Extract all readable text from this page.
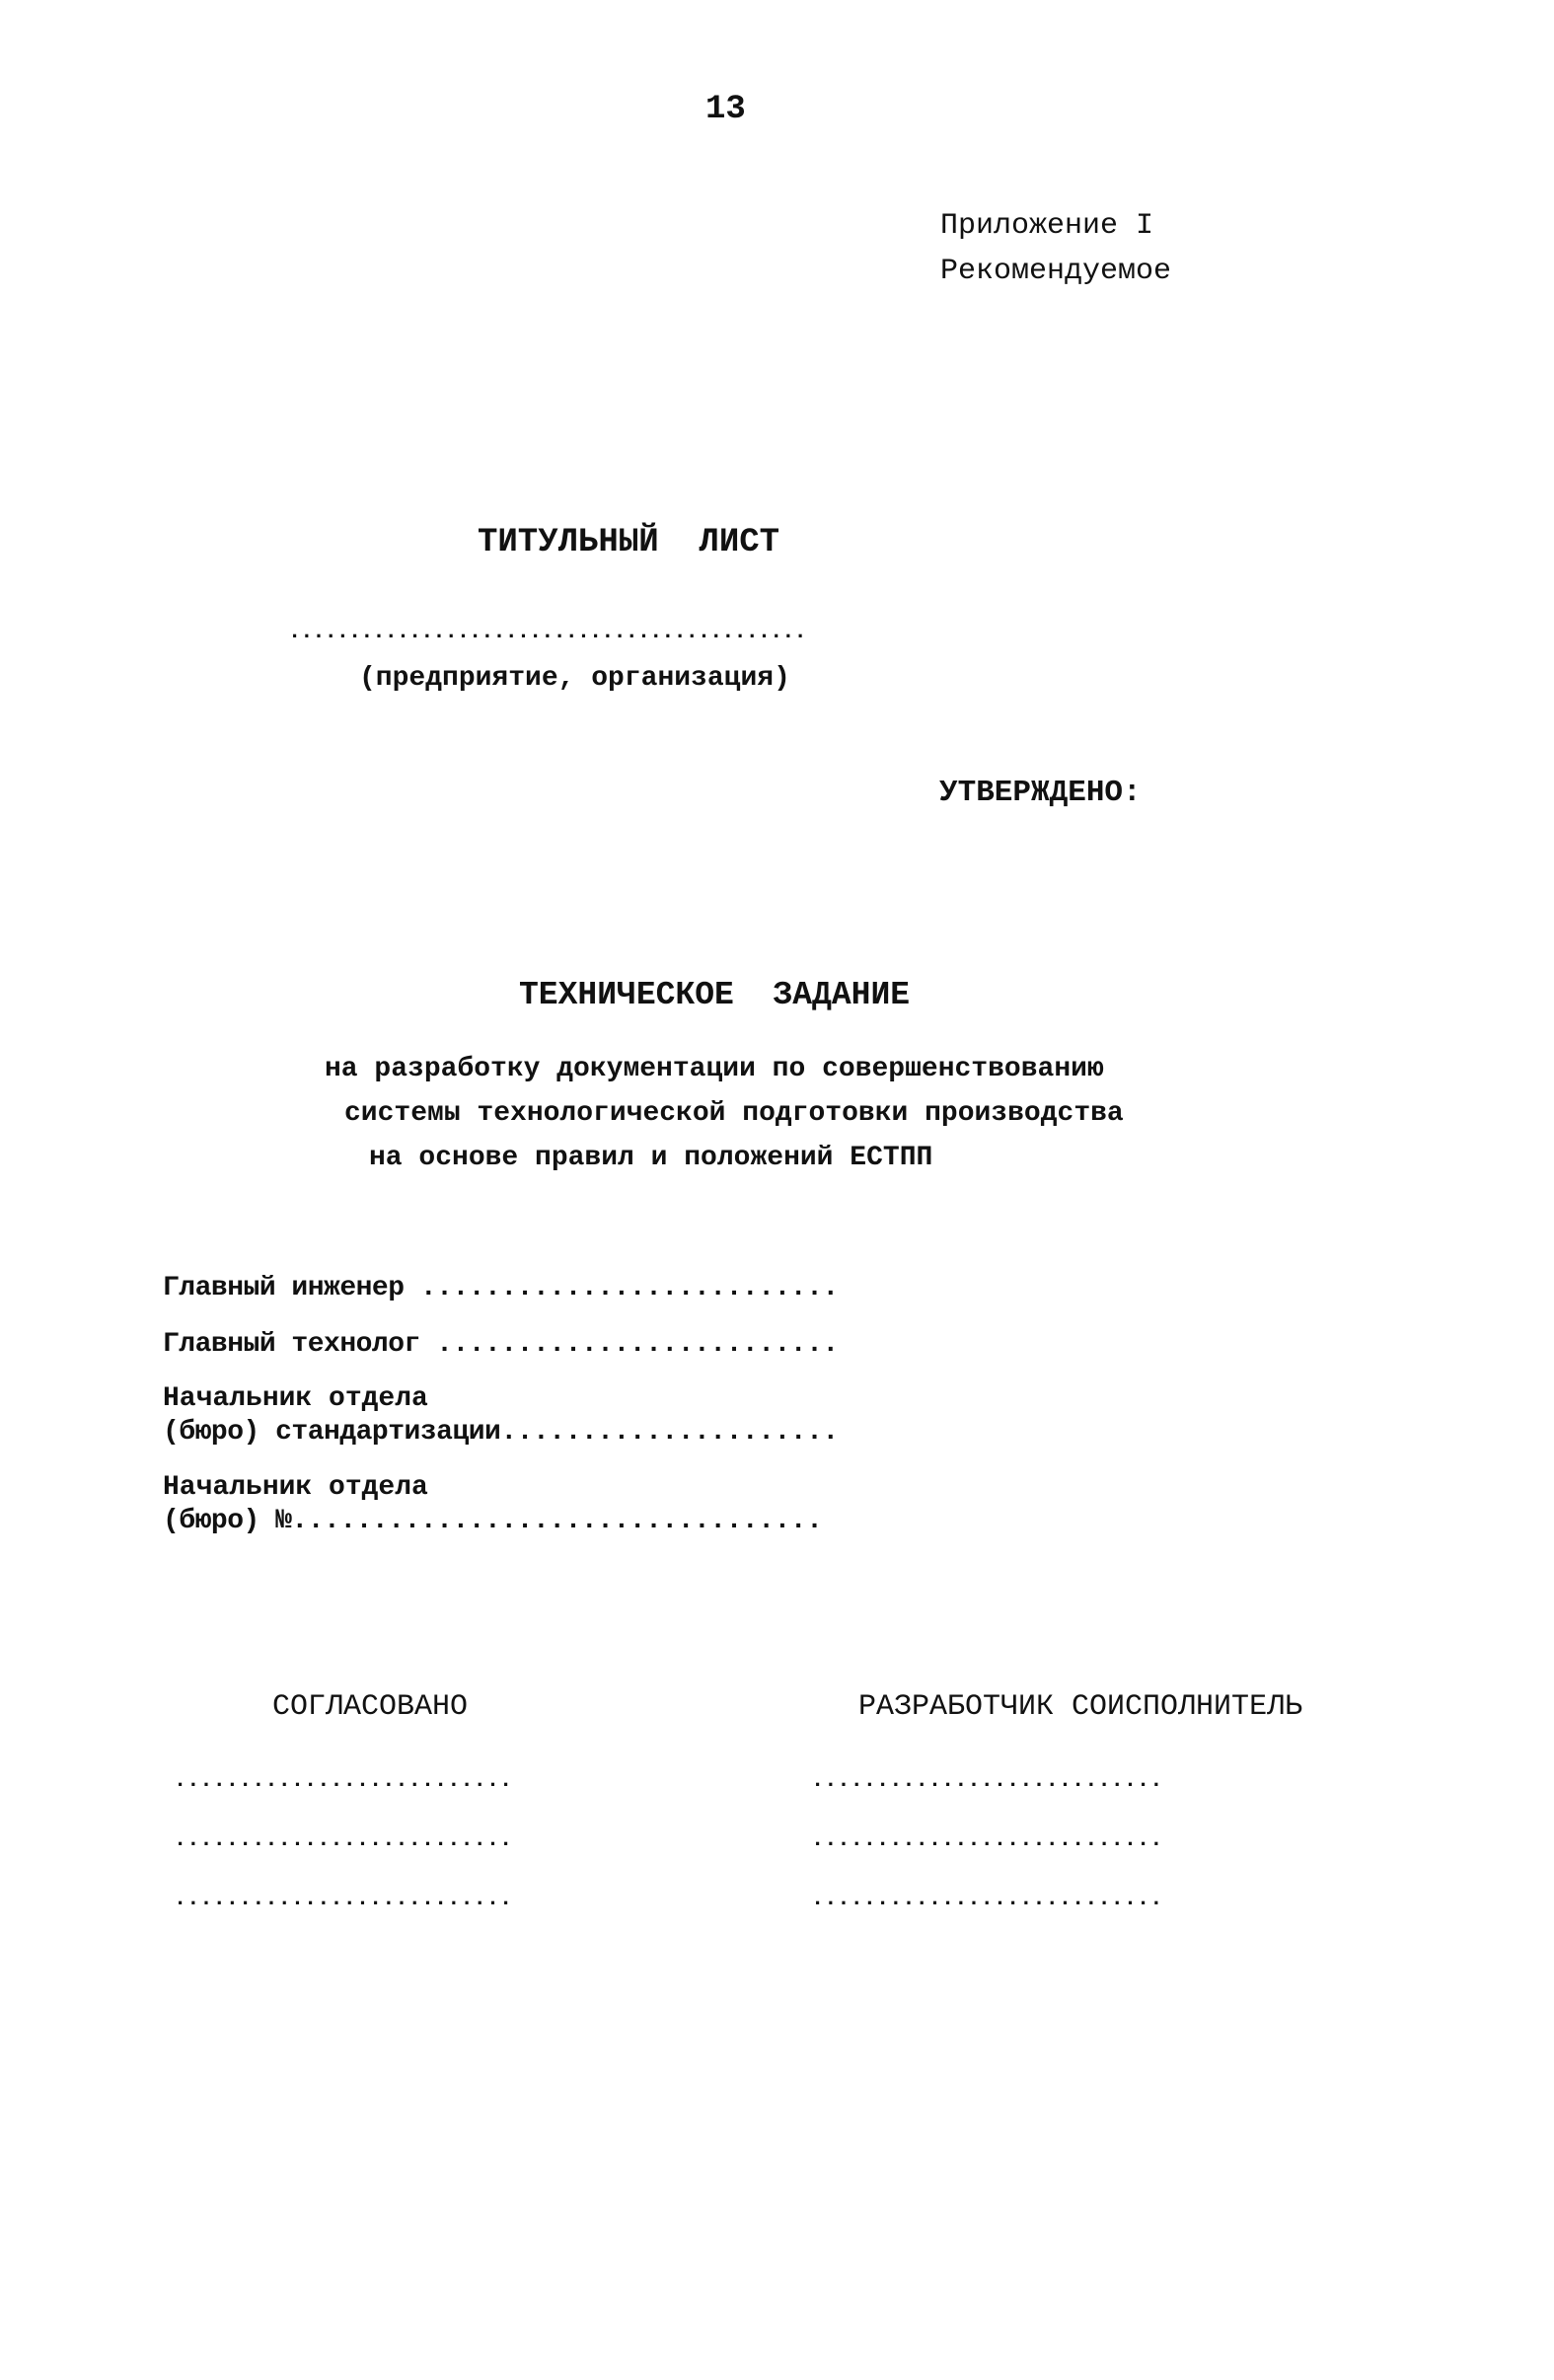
13
Приложение I
Рекомендуемое
ТИТУЛЬНЫЙ  ЛИСТ
...........................................
(предприятие, организация)
УТВЕРЖДЕНО:
ТЕХНИЧЕСКОЕ  ЗАДАНИЕ
на разработку документации по совершенствованию
системы технологической подготовки производства
на основе правил и положений ЕСТПП
Главный инженер ..........................
Главный технолог .........................
Начальник отдела
(бюро) стандартизации.....................
Начальник отдела
(бюро) №.................................
СОГЛАСОВАНО
..........................
..........................
..........................
РАЗРАБОТЧИК СОИСПОЛНИТЕЛЬ
...........................
...........................
...........................
